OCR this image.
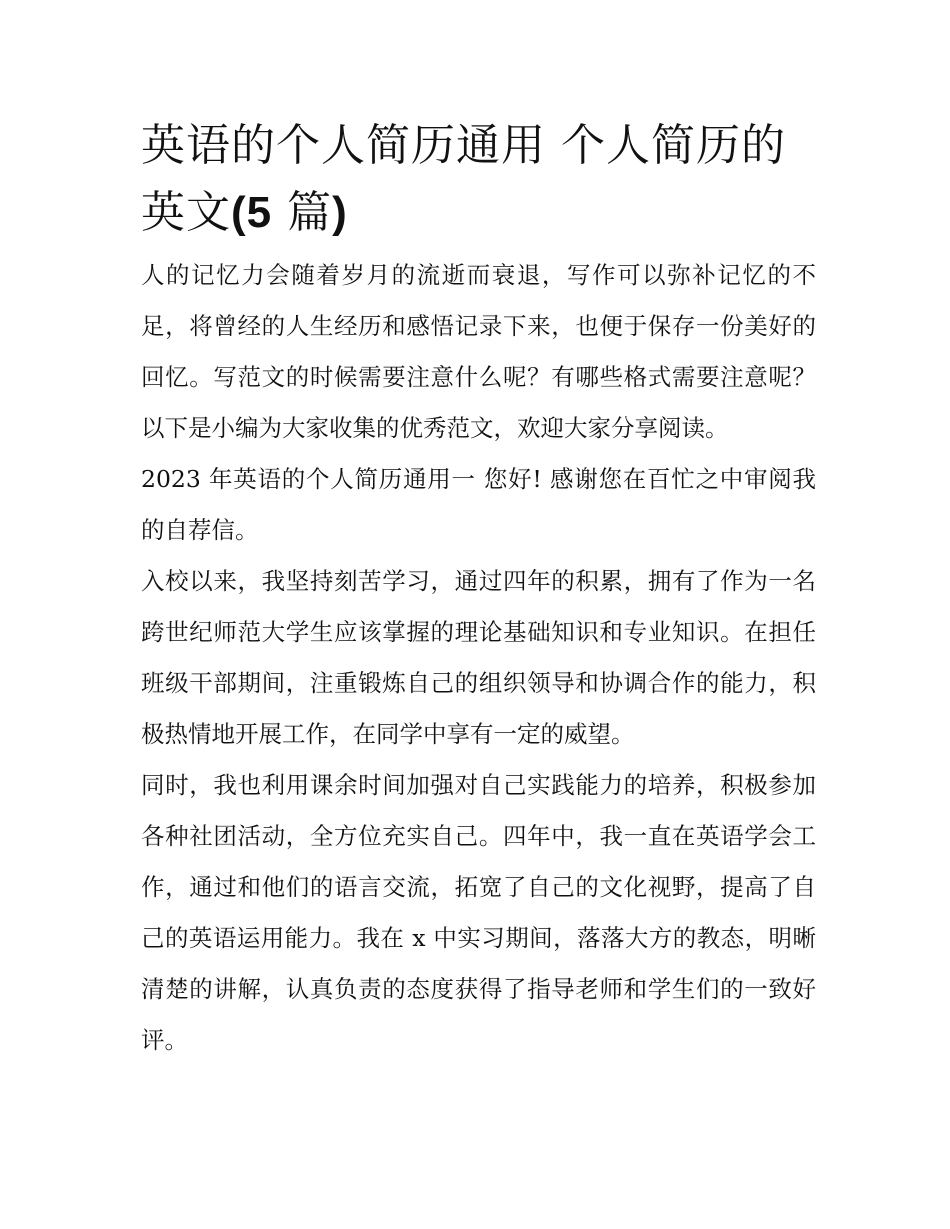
英语的个人简历通用 个人简历的英文(5 篇)

人的记忆力会随着岁月的流逝而衰退，写作可以弥补记忆的不足，将曾经的人生经历和感悟记录下来，也便于保存一份美好的回忆。写范文的时候需要注意什么呢？有哪些格式需要注意呢？以下是小编为大家收集的优秀范文，欢迎大家分享阅读。

2023 年英语的个人简历通用一 您好! 感谢您在百忙之中审阅我的自荐信。

入校以来，我坚持刻苦学习，通过四年的积累，拥有了作为一名跨世纪师范大学生应该掌握的理论基础知识和专业知识。在担任班级干部期间，注重锻炼自己的组织领导和协调合作的能力，积极热情地开展工作，在同学中享有一定的威望。

同时，我也利用课余时间加强对自己实践能力的培养，积极参加各种社团活动，全方位充实自己。四年中，我一直在英语学会工作，通过和他们的语言交流，拓宽了自己的文化视野，提高了自己的英语运用能力。我在 x 中实习期间，落落大方的教态，明晰清楚的讲解，认真负责的态度获得了指导老师和学生们的一致好评。
